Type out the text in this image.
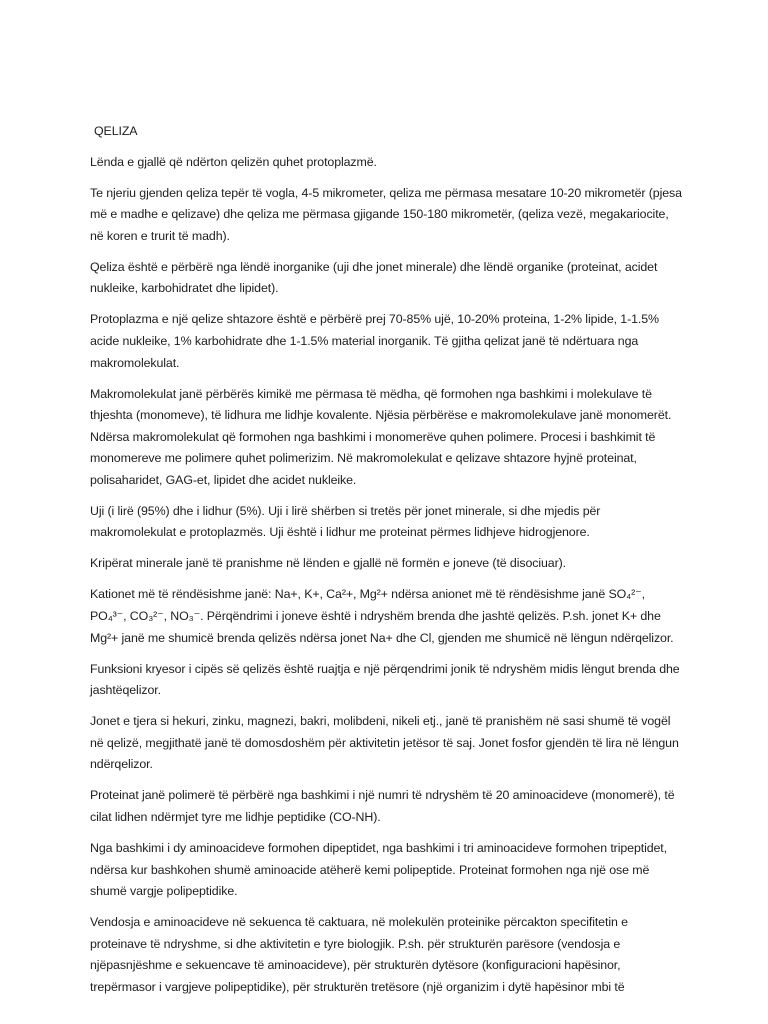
QELIZA

Lënda e gjallë që ndërton qelizën quhet protoplazmë.

Te njeriu gjenden qeliza tepër të vogla, 4-5 mikrometer, qeliza me përmasa mesatare 10-20 mikrometër (pjesa më e madhe e qelizave) dhe qeliza me përmasa gjigande 150-180 mikrometër, (qeliza vezë, megakariocite, në koren e trurit të madh).

Qeliza është e përbërë nga lëndë inorganike (uji dhe jonet minerale) dhe lëndë organike (proteinat, acidet nukleike, karbohidratet dhe lipidet).

Protoplazma e një qelize shtazore është e përbërë prej 70-85% ujë, 10-20% proteina, 1-2% lipide, 1-1.5% acide nukleike, 1% karbohidrate dhe 1-1.5% material inorganik. Të gjitha qelizat janë të ndërtuara nga makromolekulat.

Makromolekulat janë përbërës kimikë me përmasa të mëdha, që formohen nga bashkimi i molekulave të thjeshta (monomeve), të lidhura me lidhje kovalente. Njësia përbërëse e makromolekulave janë monomerët. Ndërsa makromolekulat që formohen nga bashkimi i monomerëve quhen polimere. Procesi i bashkimit të monomereve me polimere quhet polimerizim. Në makromolekulat e qelizave shtazore hyjnë proteinat, polisaharidet, GAG-et, lipidet dhe acidet nukleike.

Uji (i lirë (95%) dhe i lidhur (5%). Uji i lirë shërben si tretës për jonet minerale, si dhe mjedis për makromolekulat e protoplazmës. Uji është i lidhur me proteinat përmes lidhjeve hidrogjenore.

Kripërat minerale janë të pranishme në lënden e gjallë në formën e joneve (të disociuar).

Kationet më të rëndësishme janë: Na+, K+, Ca²+, Mg²+ ndërsa anionet më të rëndësishme janë SO₄²⁻, PO₄³⁻, CO₃²⁻, NO₃⁻. Përqëndrimi i joneve është i ndryshëm brenda dhe jashtë qelizës. P.sh. jonet K+ dhe Mg²+ janë me shumicë brenda qelizës ndërsa jonet Na+ dhe Cl, gjenden me shumicë në lëngun ndërqelizor.

Funksioni kryesor i cipës së qelizës është ruajtja e një përqendrimi jonik të ndryshëm midis lëngut brenda dhe jashtëqelizor.

Jonet e tjera si hekuri, zinku, magnezi, bakri, molibdeni, nikeli etj., janë të pranishëm në sasi shumë të vogël në qelizë, megjithatë janë të domosdoshëm për aktivitetin jetësor të saj. Jonet fosfor gjendën të lira në lëngun ndërqelizor.

Proteinat janë polimerë të përbërë nga bashkimi i një numri të ndryshëm të 20 aminoacideve (monomerë), të cilat lidhen ndërmjet tyre me lidhje peptidike (CO-NH).

Nga bashkimi i dy aminoacideve formohen dipeptidet, nga bashkimi i tri aminoacideve formohen tripeptidet, ndërsa kur bashkohen shumë aminoacide atëherë kemi polipeptide. Proteinat formohen nga një ose më shumë vargje polipeptidike.

Vendosja e aminoacideve në sekuenca të caktuara, në molekulën proteinike përcakton specifitetin e proteinave të ndryshme, si dhe aktivitetin e tyre biologjik. P.sh. për strukturën parësore (vendosja e njëpasnjëshme e sekuencave të aminoacideve), për strukturën dytësore (konfiguracioni hapësinor, trepërmasor i vargjeve polipeptidike), për strukturën tretësore (një organizim i dytë hapësinor mbi të
